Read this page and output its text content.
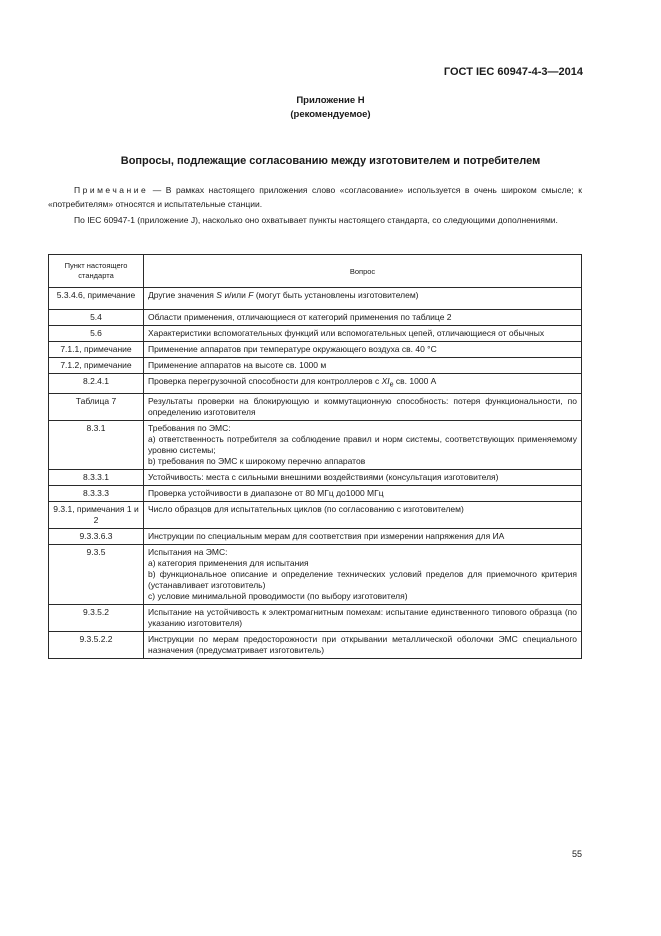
ГОСТ IEC 60947-4-3—2014
Приложение Н
(рекомендуемое)
Вопросы, подлежащие согласованию между изготовителем и потребителем
Примечание — В рамках настоящего приложения слово «согласование» используется в очень широком смысле; к «потребителям» относятся и испытательные станции.
По IEC 60947-1 (приложение J), насколько оно охватывает пункты настоящего стандарта, со следующими дополнениями.
Пункт настоящего стандарта	Вопрос
5.3.4.6, примечание	Другие значения S и/или F (могут быть установлены изготовителем)
5.4	Области применения, отличающиеся от категорий применения по таблице 2
5.6	Характеристики вспомогательных функций или вспомогательных цепей, отличающиеся от обычных
7.1.1, примечание	Применение аппаратов при температуре окружающего воздуха св. 40 °С
7.1.2, примечание	Применение аппаратов на высоте св. 1000 м
8.2.4.1	Проверка перегрузочной способности для контроллеров с $XI_e$ св. 1000 А
Таблица 7	Результаты проверки на блокирующую и коммутационную способность: потеря функциональности, по определению изготовителя
8.3.1	Требования по ЭМС:
а) ответственность потребителя за соблюдение правил и норм системы, соответствующих применяемому уровню системы;
b) требования по ЭМС к широкому перечню аппаратов

8.3.3.1	Устойчивость: места с сильными внешними воздействиями (консультация изготовителя)
8.3.3.3	Проверка устойчивости в диапазоне от 80 МГц до1000 МГц
9.3.1, примечания 1 и 2	Число образцов для испытательных циклов (по согласованию с изготовителем)
9.3.3.6.3	Инструкции по специальным мерам для соответствия при измерении напряжения для ИА
9.3.5	Испытания на ЭМС:
а) категория применения для испытания
b) функциональное описание и определение технических условий пределов для приемочного критерия (устанавливает изготовитель)
с) условие минимальной проводимости (по выбору изготовителя)

9.3.5.2	Испытание на устойчивость к электромагнитным помехам: испытание единственного типового образца (по указанию изготовителя)
9.3.5.2.2	Инструкции по мерам предосторожности при открывании металлической оболочки ЭМС специального назначения (предусматривает изготовитель)
55
